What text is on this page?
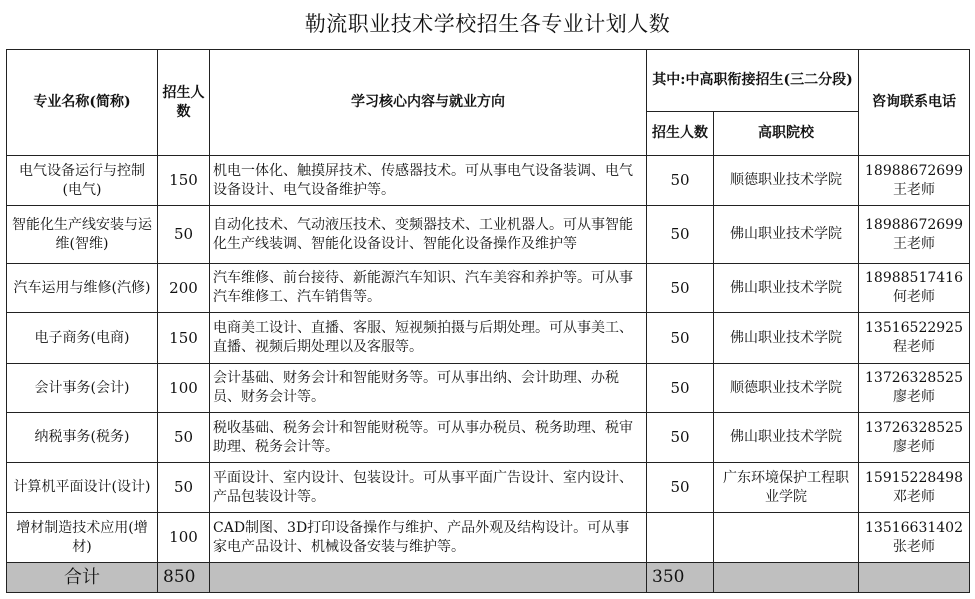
勒流职业技术学校招生各专业计划人数
专业名称(简称)	招生人数	学习核心内容与就业方向	其中:中高职衔接招生(三二分段)		咨询联系电话
			招生人数	高职院校	
电气设备运行与控制(电气)	150	机电一体化、触摸屏技术、传感器技术。可从事电气设备装调、电气设备设计、电气设备维护等。	50	顺德职业技术学院	18988672699
王老师
智能化生产线安装与运维(智维)	50	自动化技术、气动液压技术、变频器技术、工业机器人。可从事智能化生产线装调、智能化设备设计、智能化设备操作及维护等	50	佛山职业技术学院	18988672699
王老师
汽车运用与维修(汽修)	200	汽车维修、前台接待、新能源汽车知识、汽车美容和养护等。可从事汽车维修工、汽车销售等。	50	佛山职业技术学院	18988517416
何老师
电子商务(电商)	150	电商美工设计、直播、客服、短视频拍摄与后期处理。可从事美工、直播、视频后期处理以及客服等。	50	佛山职业技术学院	13516522925
程老师
会计事务(会计)	100	会计基础、财务会计和智能财务等。可从事出纳、会计助理、办税员、财务会计等。	50	顺德职业技术学院	13726328525
廖老师
纳税事务(税务)	50	税收基础、税务会计和智能财税等。可从事办税员、税务助理、税审助理、税务会计等。	50	佛山职业技术学院	13726328525
廖老师
计算机平面设计(设计)	50	平面设计、室内设计、包装设计。可从事平面广告设计、室内设计、产品包装设计等。	50	广东环境保护工程职业学院	15915228498
邓老师
增材制造技术应用(增材)	100	CAD制图、3D打印设备操作与维护、产品外观及结构设计。可从事家电产品设计、机械设备安装与维护等。			13516631402
张老师
合计	850		350		
